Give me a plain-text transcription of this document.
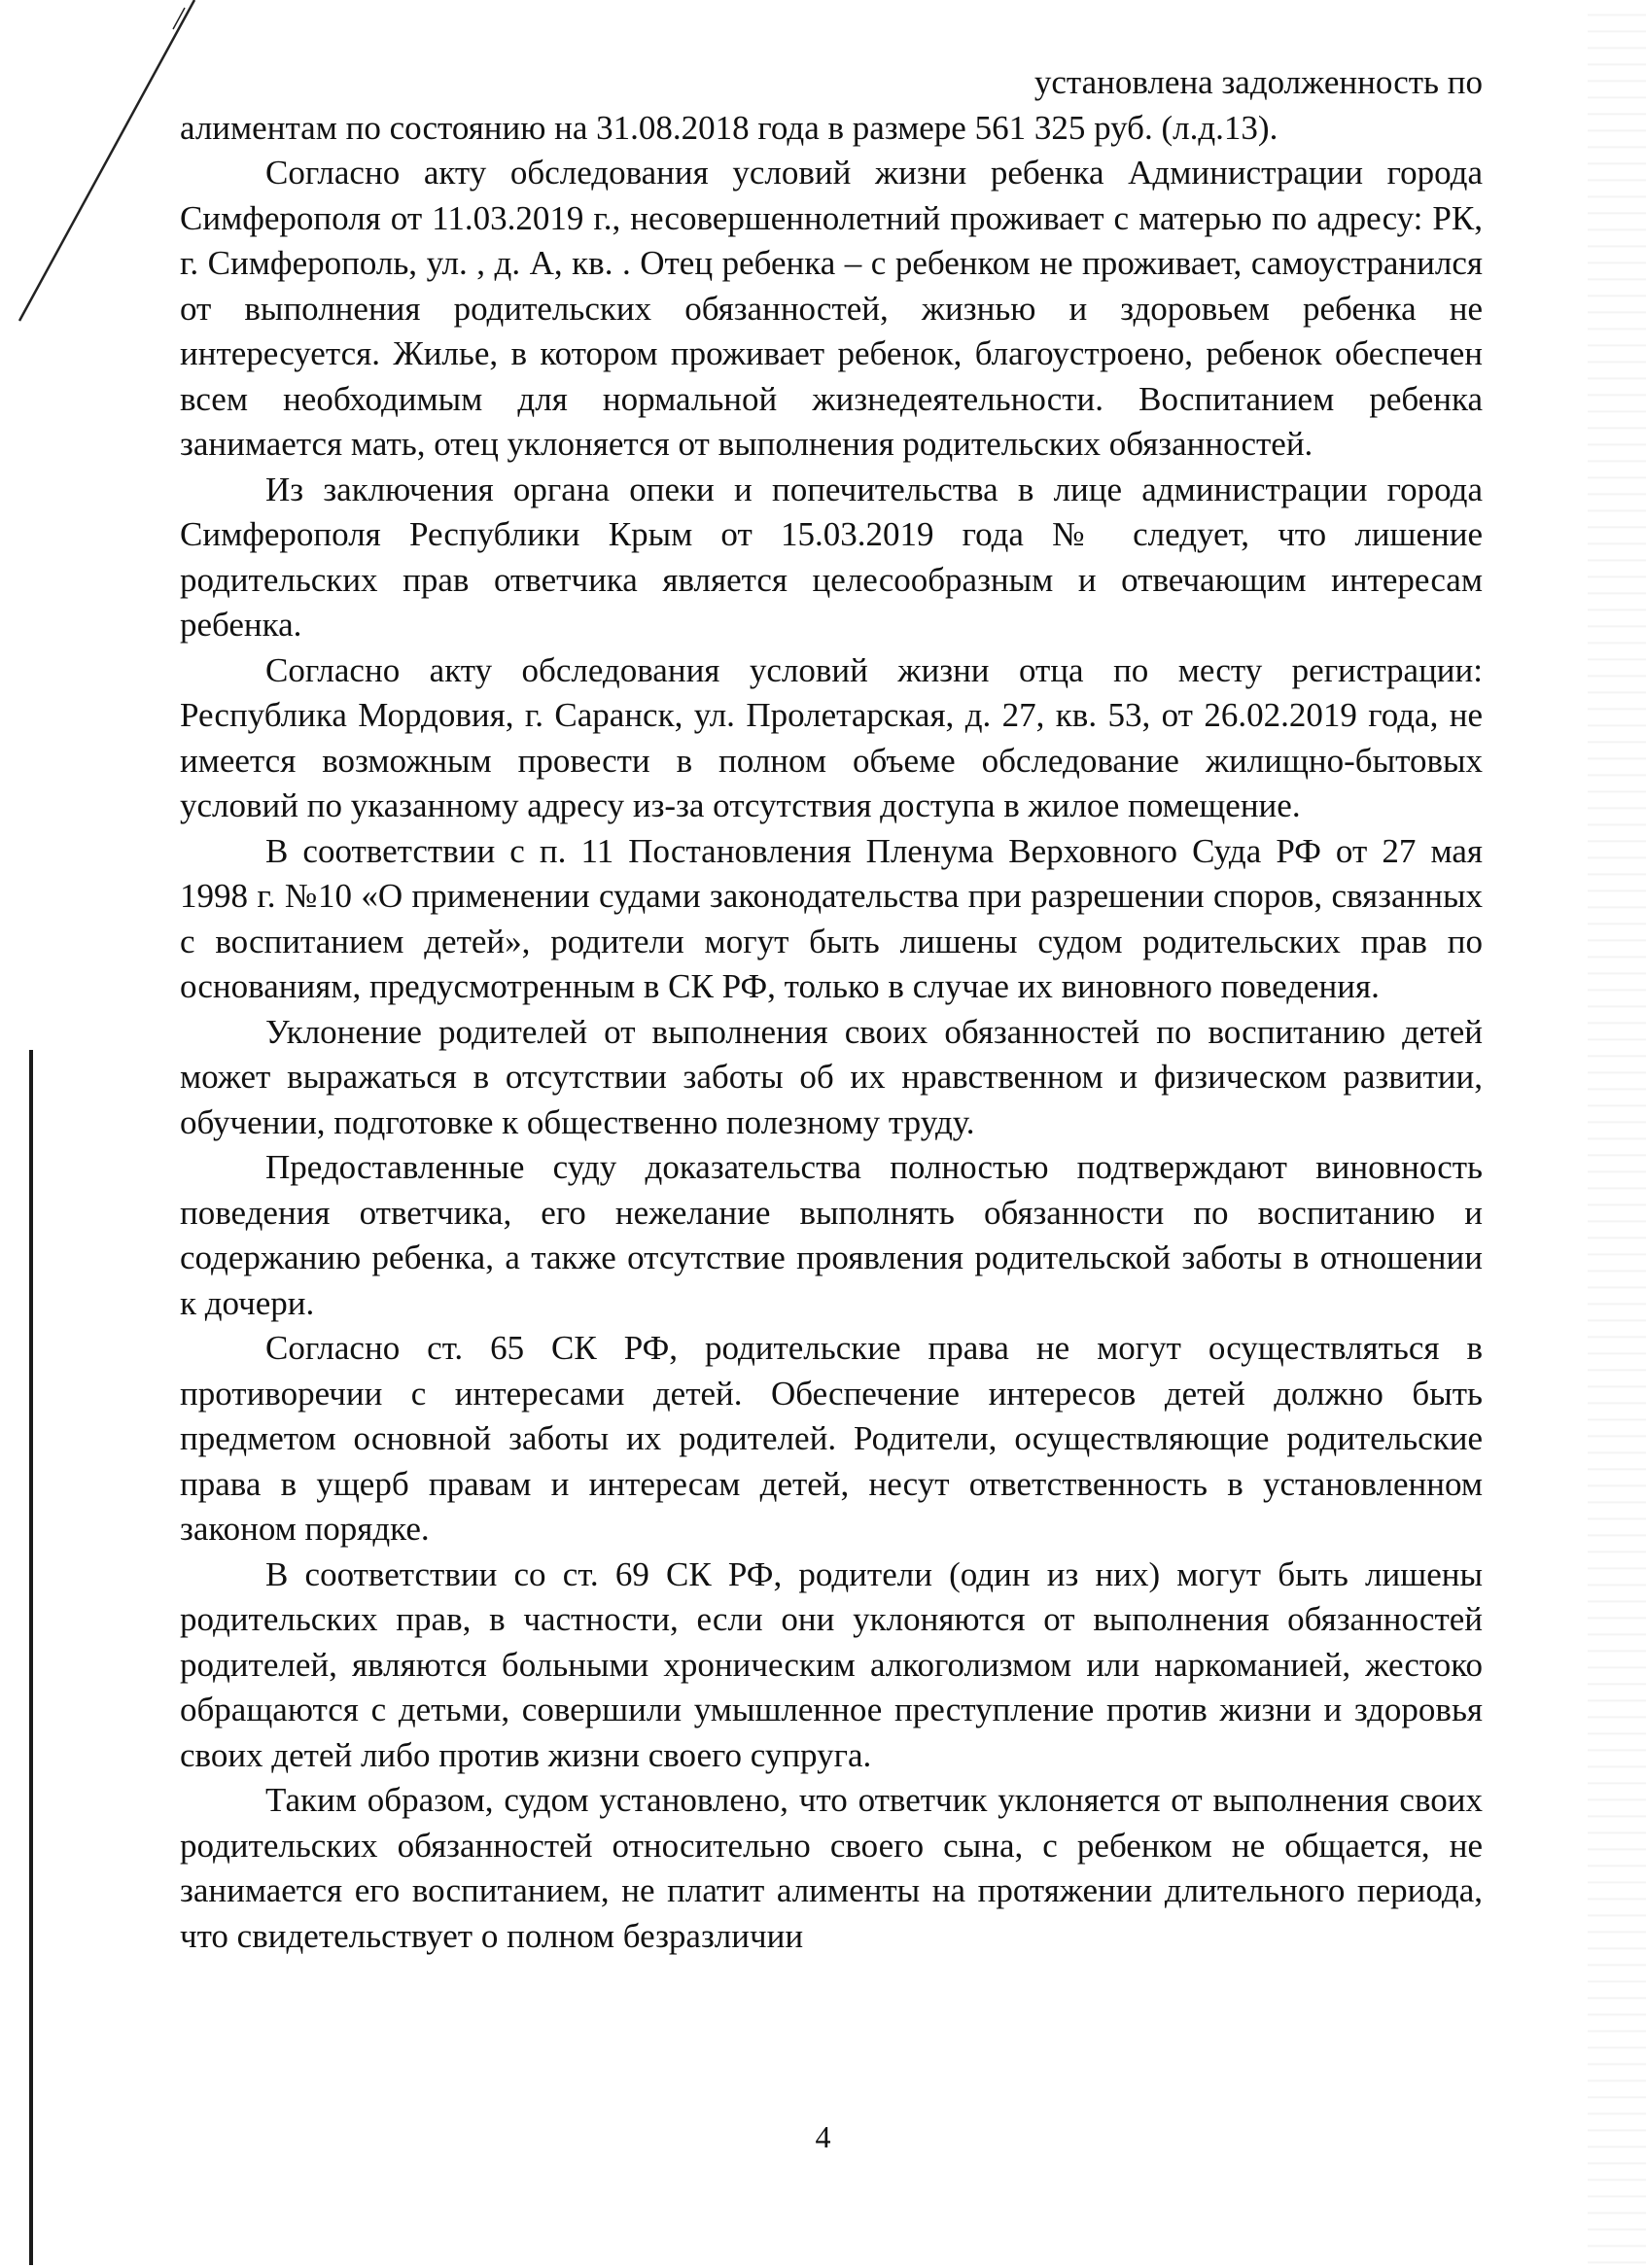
установлена задолженность по
алиментам по состоянию на 31.08.2018 года в размере 561 325 руб. (л.д.13).

Согласно акту обследования условий жизни ребенка Администрации города Симферополя от 11.03.2019 г., несовершеннолетний проживает с матерью по адресу: РК, г. Симферополь, ул. , д. А, кв. . Отец ребенка – с ребенком не проживает, самоустранился от выполнения родительских обязанностей, жизнью и здоровьем ребенка не интересуется. Жилье, в котором проживает ребенок, благоустроено, ребенок обеспечен всем необходимым для нормальной жизнедеятельности. Воспитанием ребенка занимается мать, отец уклоняется от выполнения родительских обязанностей.

Из заключения органа опеки и попечительства в лице администрации города Симферополя Республики Крым от 15.03.2019 года № следует, что лишение родительских прав ответчика является целесообразным и отвечающим интересам ребенка.

Согласно акту обследования условий жизни отца по месту регистрации: Республика Мордовия, г. Саранск, ул. Пролетарская, д. 27, кв. 53, от 26.02.2019 года, не имеется возможным провести в полном объеме обследование жилищно-бытовых условий по указанному адресу из-за отсутствия доступа в жилое помещение.

В соответствии с п. 11 Постановления Пленума Верховного Суда РФ от 27 мая 1998 г. №10 «О применении судами законодательства при разрешении споров, связанных с воспитанием детей», родители могут быть лишены судом родительских прав по основаниям, предусмотренным в СК РФ, только в случае их виновного поведения.

Уклонение родителей от выполнения своих обязанностей по воспитанию детей может выражаться в отсутствии заботы об их нравственном и физическом развитии, обучении, подготовке к общественно полезному труду.

Предоставленные суду доказательства полностью подтверждают виновность поведения ответчика, его нежелание выполнять обязанности по воспитанию и содержанию ребенка, а также отсутствие проявления родительской заботы в отношении к дочери.

Согласно ст. 65 СК РФ, родительские права не могут осуществляться в противоречии с интересами детей. Обеспечение интересов детей должно быть предметом основной заботы их родителей. Родители, осуществляющие родительские права в ущерб правам и интересам детей, несут ответственность в установленном законом порядке.

В соответствии со ст. 69 СК РФ, родители (один из них) могут быть лишены родительских прав, в частности, если они уклоняются от выполнения обязанностей родителей, являются больными хроническим алкоголизмом или наркоманией, жестоко обращаются с детьми, совершили умышленное преступление против жизни и здоровья своих детей либо против жизни своего супруга.

Таким образом, судом установлено, что ответчик уклоняется от выполнения своих родительских обязанностей относительно своего сына, с ребенком не общается, не занимается его воспитанием, не платит алименты на протяжении длительного периода, что свидетельствует о полном безразличии

4
